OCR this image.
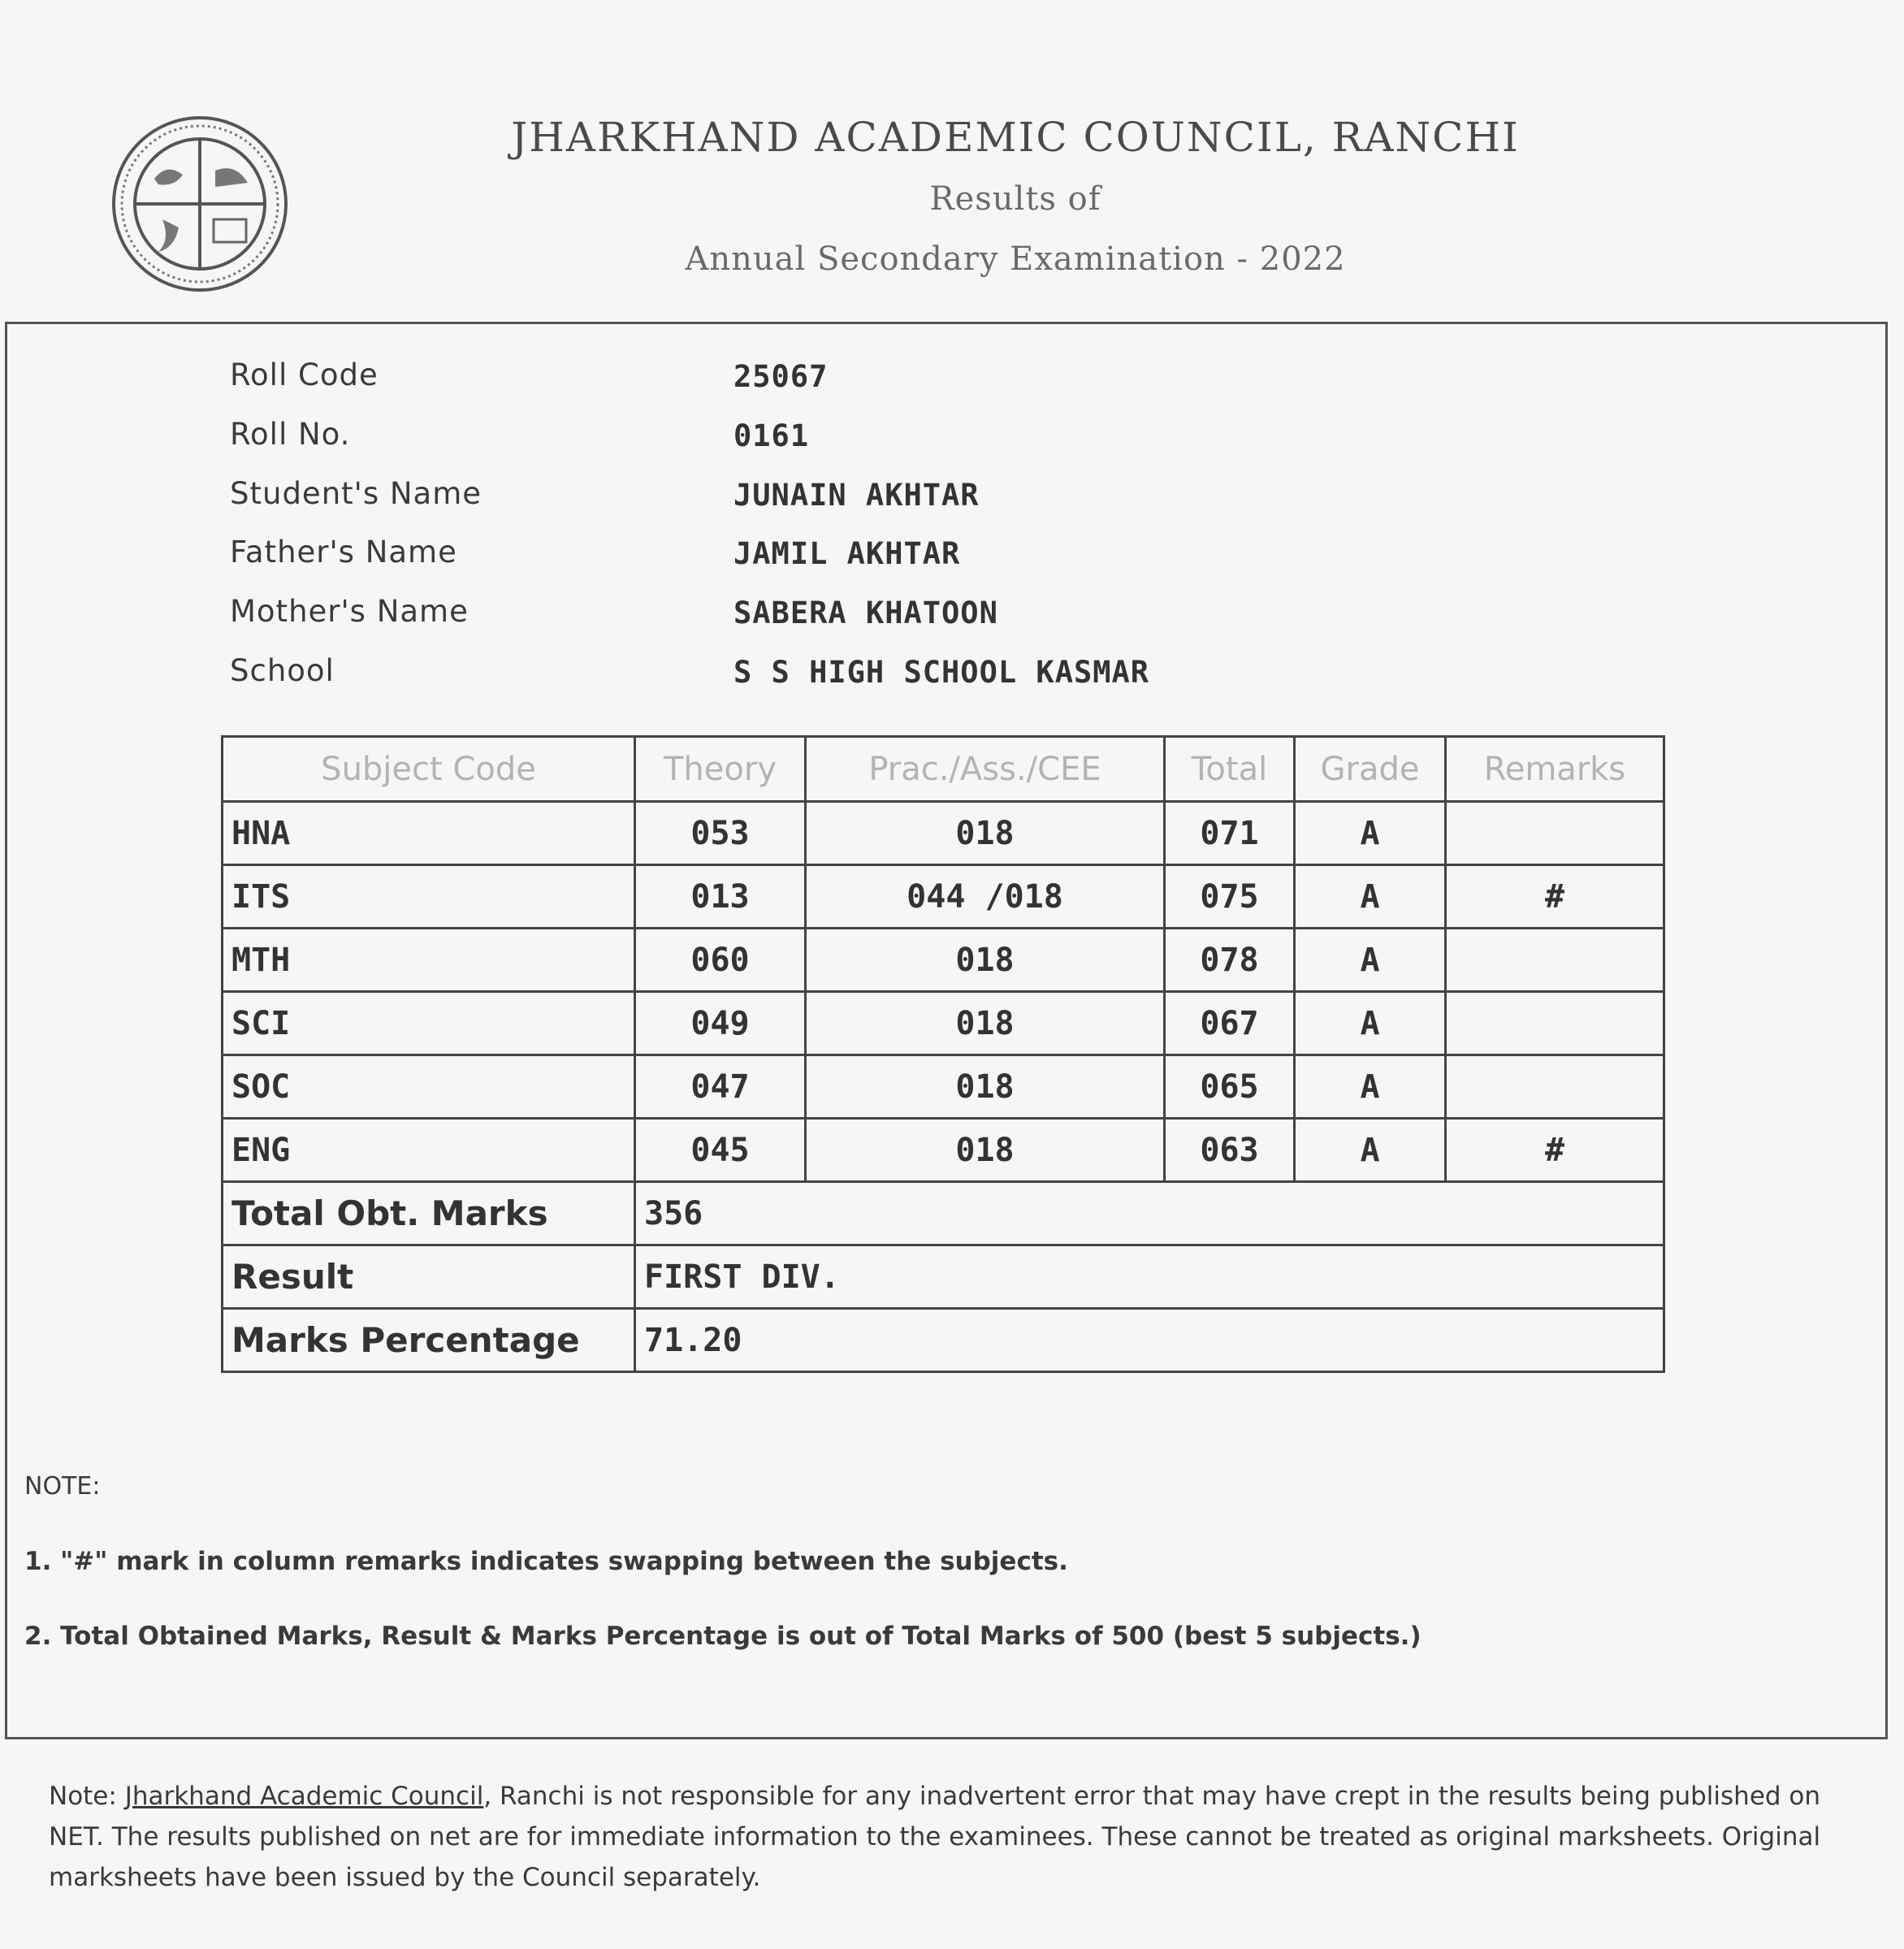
JHARKHAND ACADEMIC COUNCIL, RANCHI
Results of
Annual Secondary Examination - 2022
Roll Code	25067
Roll No.	0161
Student's Name	JUNAIN AKHTAR
Father's Name	JAMIL AKHTAR
Mother's Name	SABERA KHATOON
School	S S HIGH SCHOOL KASMAR
Subject Code	Theory	Prac./Ass./CEE	Total	Grade	Remarks
HNA	053	018	071	A	
ITS	013	044 /018	075	A	#
MTH	060	018	078	A	
SCI	049	018	067	A	
SOC	047	018	065	A	
ENG	045	018	063	A	#
Total Obt. Marks	356				
Result	FIRST DIV.				
Marks Percentage	71.20				
NOTE:
1. "#" mark in column remarks indicates swapping between the subjects.
2. Total Obtained Marks, Result & Marks Percentage is out of Total Marks of 500 (best 5 subjects.)
Note: Jharkhand Academic Council, Ranchi is not responsible for any inadvertent error that may have crept in the results being published on NET. The results published on net are for immediate information to the examinees. These cannot be treated as original marksheets. Original marksheets have been issued by the Council separately.
